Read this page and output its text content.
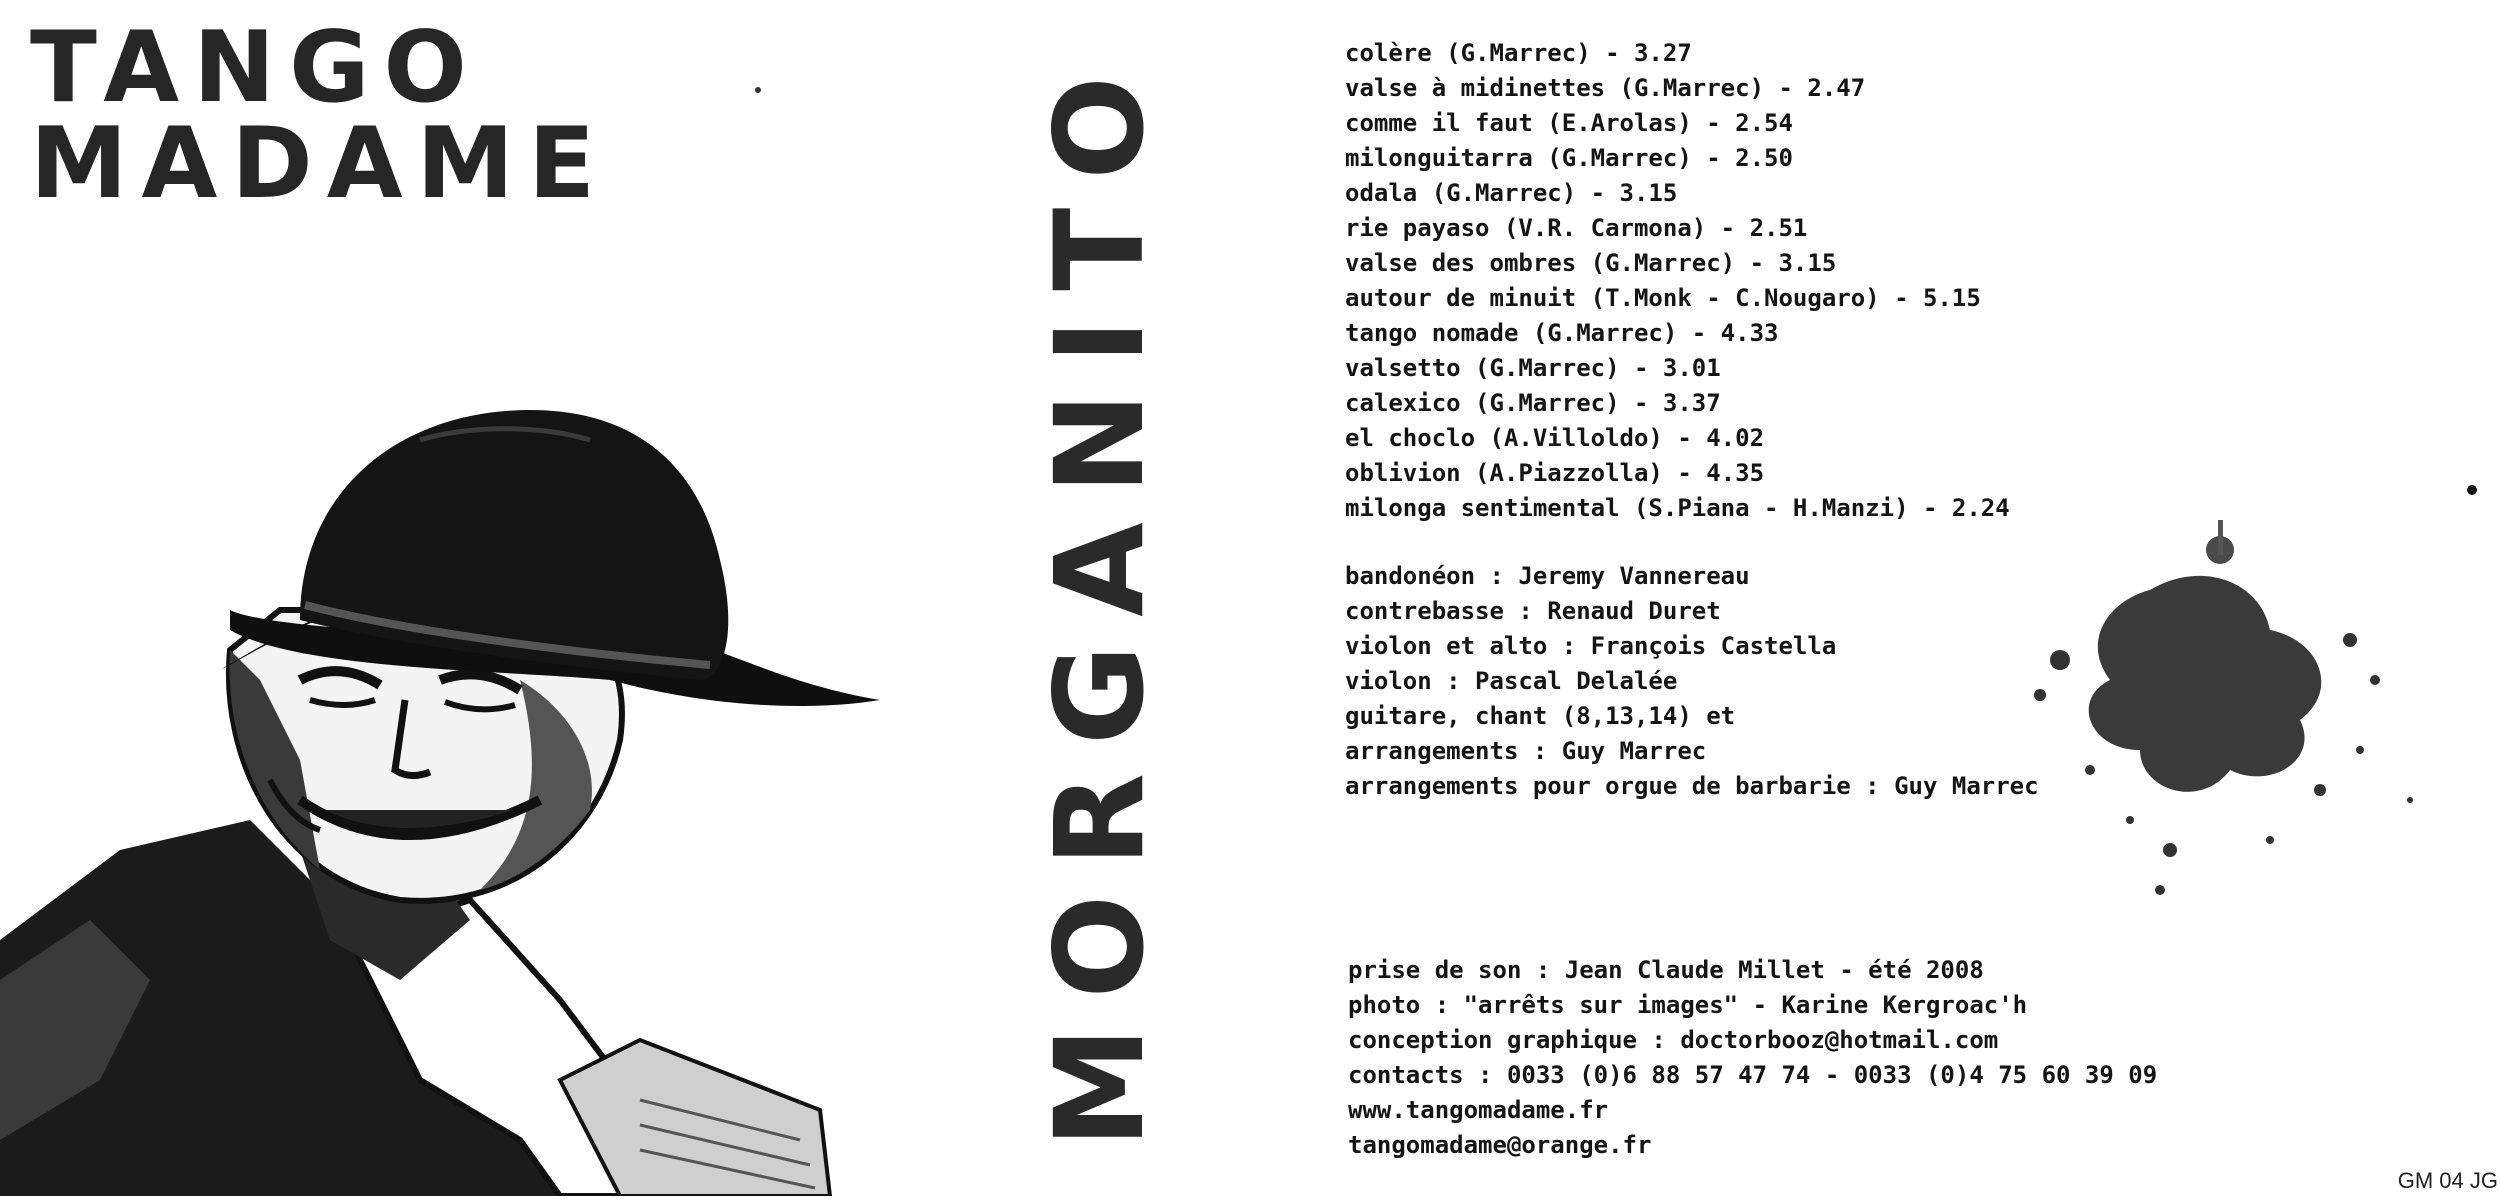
TANGO
MADAME	MORGANITO	colère (G.Marrec) - 3.27
valse à midinettes (G.Marrec) - 2.47
comme il faut (E.Arolas) - 2.54
milonguitarra (G.Marrec) - 2.50
odala (G.Marrec) - 3.15
rie payaso (V.R. Carmona) - 2.51
valse des ombres (G.Marrec) - 3.15
autour de minuit (T.Monk - C.Nougaro) - 5.15
tango nomade (G.Marrec) - 4.33
valsetto (G.Marrec) - 3.01
calexico (G.Marrec) - 3.37
el choclo (A.Villoldo) - 4.02
oblivion (A.Piazzolla) - 4.35
milonga sentimental (S.Piana - H.Manzi) - 2.24
bandonéon : Jeremy Vannereau
contrebasse : Renaud Duret
violon et alto : François Castella
violon : Pascal Delalée
guitare, chant (8,13,14) et
arrangements : Guy Marrec
arrangements pour orgue de barbarie : Guy Marrec
prise de son : Jean Claude Millet - été 2008
photo : "arrêts sur images" - Karine Kergroac'h
conception graphique : doctorbooz@hotmail.com
contacts : 0033 (0)6 88 57 47 74 - 0033 (0)4 75 60 39 09
www.tangomadame.fr
tangomadame@orange.fr
GM 04 JG
